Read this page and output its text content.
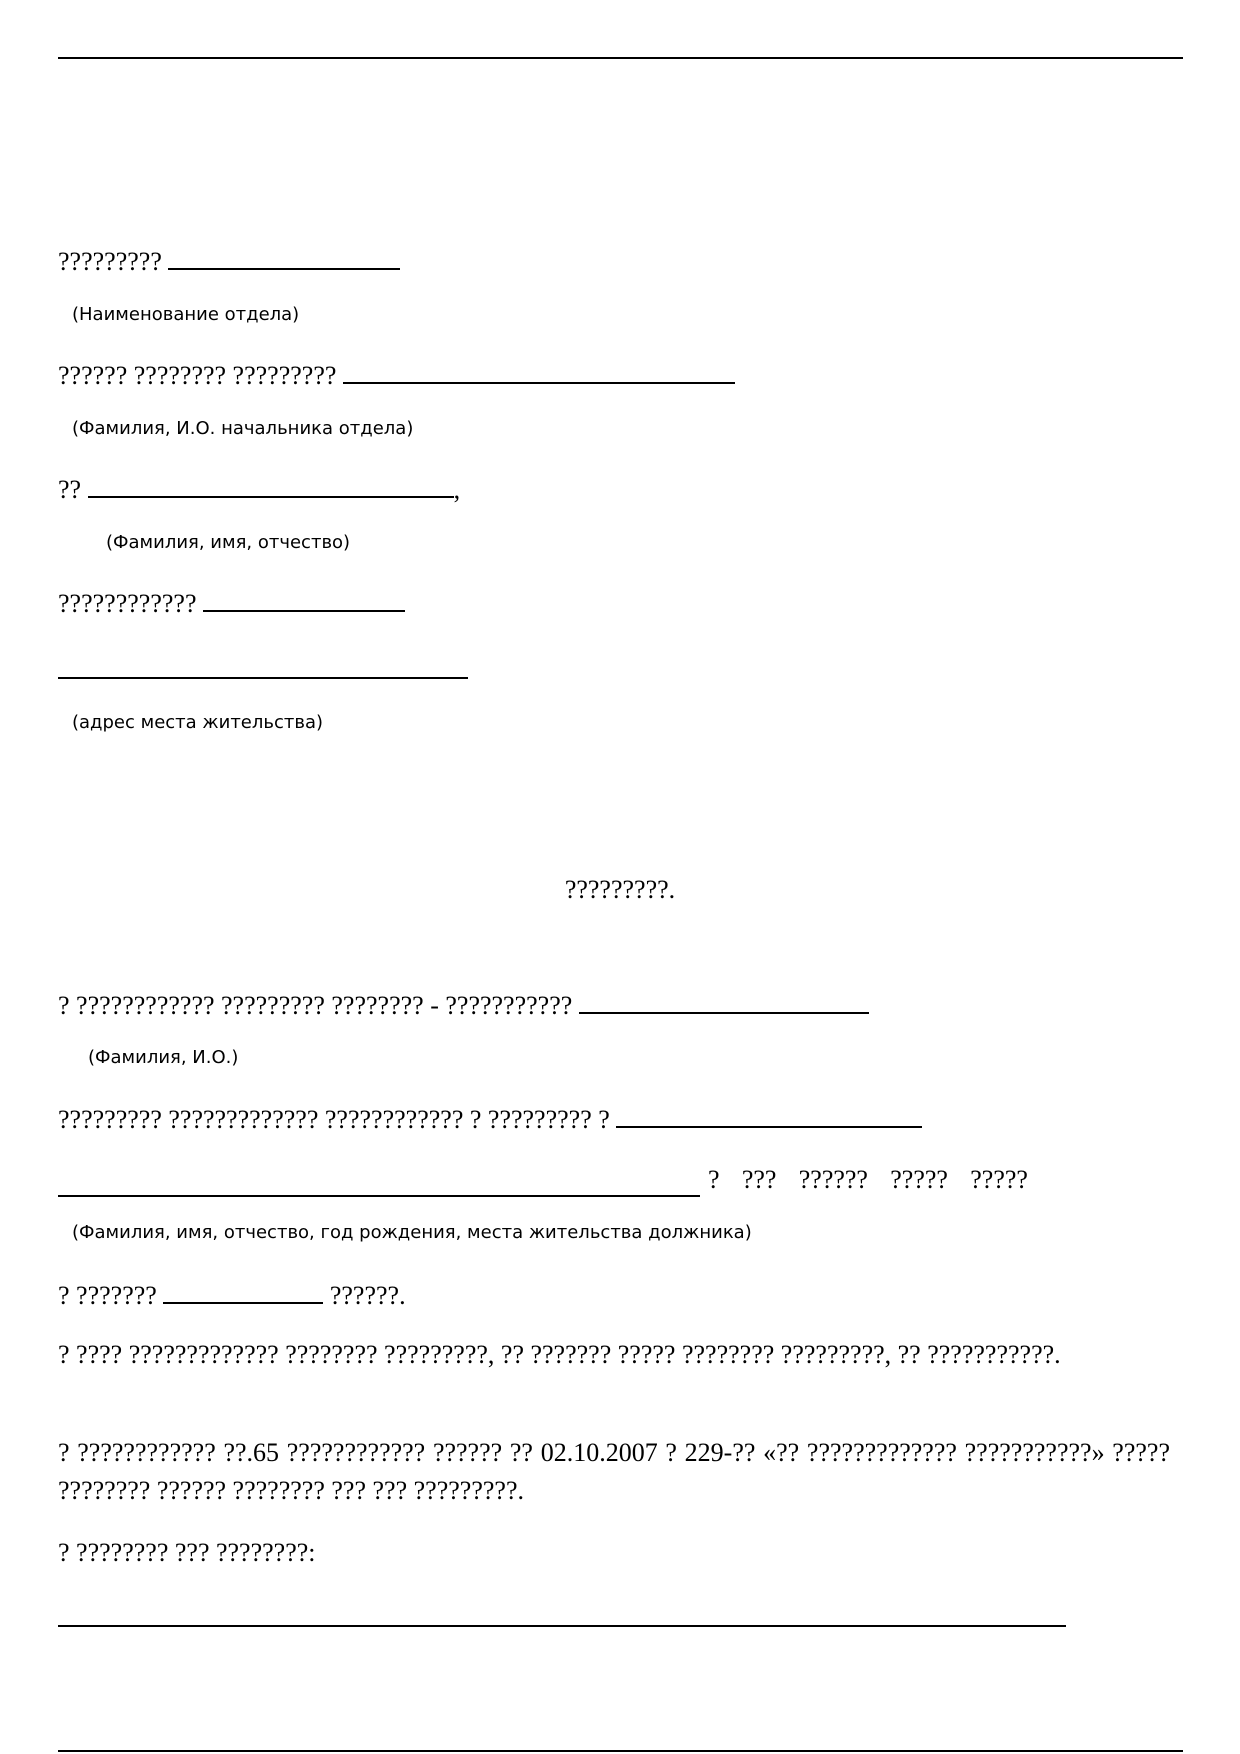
?????????
(Наименование отдела)
?????? ???????? ?????????
(Фамилия, И.О. начальника отдела)
??	,
(Фамилия, имя, отчество)
????????????
(адрес места жительства)
?????????.
? ???????????? ????????? ???????? - ???????????
(Фамилия, И.О.)
????????? ????????????? ???????????? ? ????????? ?
? ??? ?????? ????? ?????
(Фамилия, имя, отчество, год рождения, места жительства должника)
? ???????	??????.
? ???? ????????????? ???????? ?????????, ?? ??????? ????? ???????? ?????????, ?? ???????????.
? ???????????? ??.65 ???????????? ?????? ?? 02.10.2007 ? 229-?? «?? ????????????? ???????????» ????? ???????? ?????? ???????? ??? ??? ?????????.
? ???????? ??? ????????:
